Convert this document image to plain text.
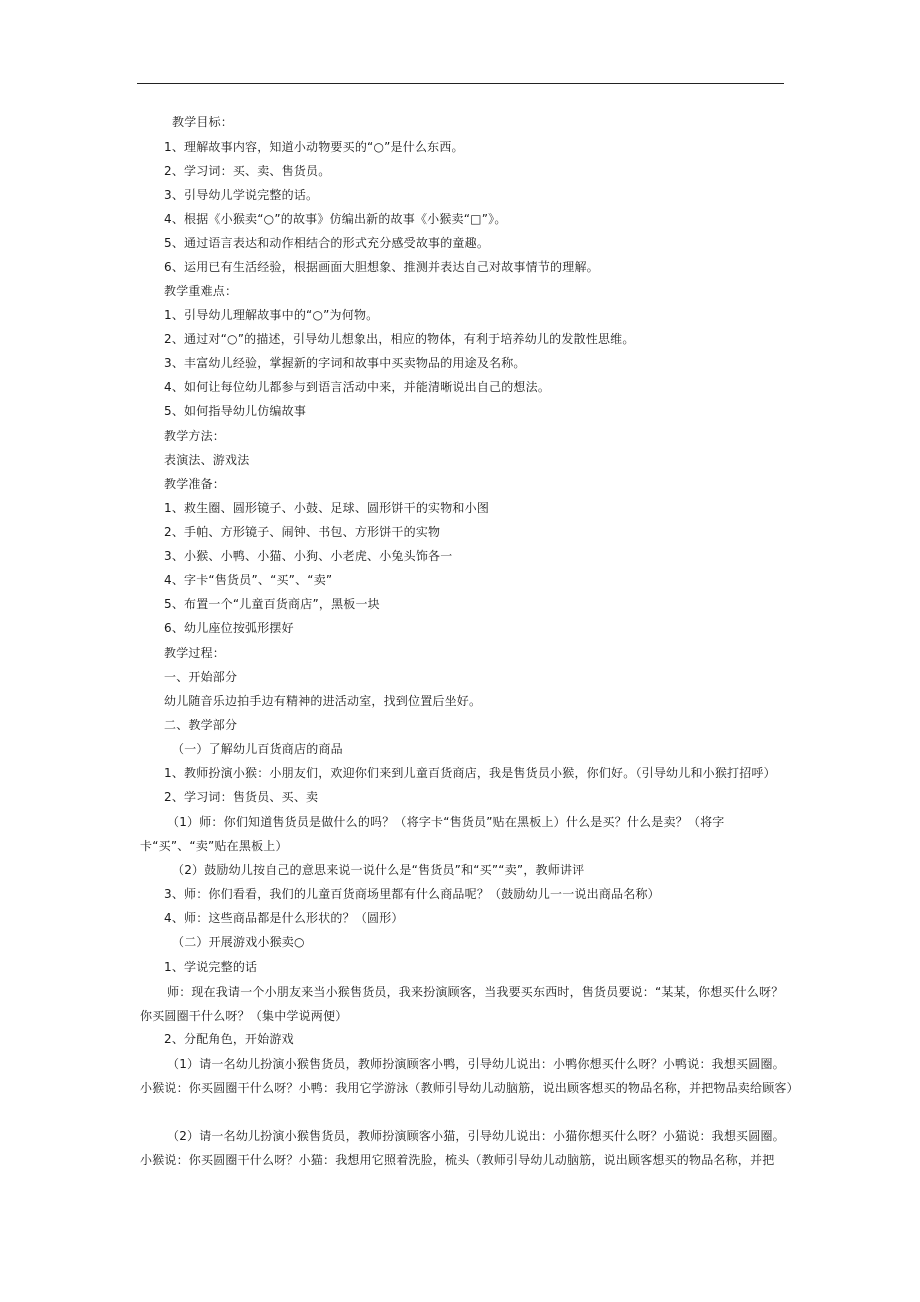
教学目标：
1、理解故事内容，知道小动物要买的“○”是什么东西。
2、学习词：买、卖、售货员。
3、引导幼儿学说完整的话。
4、根据《小猴卖“○”的故事》仿编出新的故事《小猴卖“□”》。
5、通过语言表达和动作相结合的形式充分感受故事的童趣。
6、运用已有生活经验，根据画面大胆想象、推测并表达自己对故事情节的理解。
教学重难点：
1、引导幼儿理解故事中的“○”为何物。
2、通过对“○”的描述，引导幼儿想象出，相应的物体，有利于培养幼儿的发散性思维。
3、丰富幼儿经验，掌握新的字词和故事中买卖物品的用途及名称。
4、如何让每位幼儿都参与到语言活动中来，并能清晰说出自己的想法。
5、如何指导幼儿仿编故事
教学方法：
表演法、游戏法
教学准备：
1、救生圈、圆形镜子、小鼓、足球、圆形饼干的实物和小图
2、手帕、方形镜子、闹钟、书包、方形饼干的实物
3、小猴、小鸭、小猫、小狗、小老虎、小兔头饰各一
4、字卡“售货员”、“买”、“卖”
5、布置一个“儿童百货商店”，黑板一块
6、幼儿座位按弧形摆好
教学过程：
一、开始部分
幼儿随音乐边拍手边有精神的进活动室，找到位置后坐好。
二、教学部分
（一）了解幼儿百货商店的商品
1、教师扮演小猴：小朋友们，欢迎你们来到儿童百货商店，我是售货员小猴，你们好。（引导幼儿和小猴打招呼）
2、学习词：售货员、买、卖
（1）师：你们知道售货员是做什么的吗？（将字卡“售货员”贴在黑板上）什么是买？什么是卖？（将字卡“买”、“卖”贴在黑板上）
（2）鼓励幼儿按自己的意思来说一说什么是“售货员”和“买”“卖”，教师讲评
3、师：你们看看，我们的儿童百货商场里都有什么商品呢？（鼓励幼儿一一说出商品名称）
4、师：这些商品都是什么形状的？（圆形）
（二）开展游戏小猴卖○
1、学说完整的话
师：现在我请一个小朋友来当小猴售货员，我来扮演顾客，当我要买东西时，售货员要说：“某某，你想买什么呀？你买圆圈干什么呀？（集中学说两便）
2、分配角色，开始游戏
（1）请一名幼儿扮演小猴售货员，教师扮演顾客小鸭，引导幼儿说出：小鸭你想买什么呀？小鸭说：我想买圆圈。小猴说：你买圆圈干什么呀？小鸭：我用它学游泳（教师引导幼儿动脑筋，说出顾客想买的物品名称，并把物品卖给顾客）
（2）请一名幼儿扮演小猴售货员，教师扮演顾客小猫，引导幼儿说出：小猫你想买什么呀？小猫说：我想买圆圈。小猴说：你买圆圈干什么呀？小猫：我想用它照着洗脸，梳头（教师引导幼儿动脑筋，说出顾客想买的物品名称，并把
